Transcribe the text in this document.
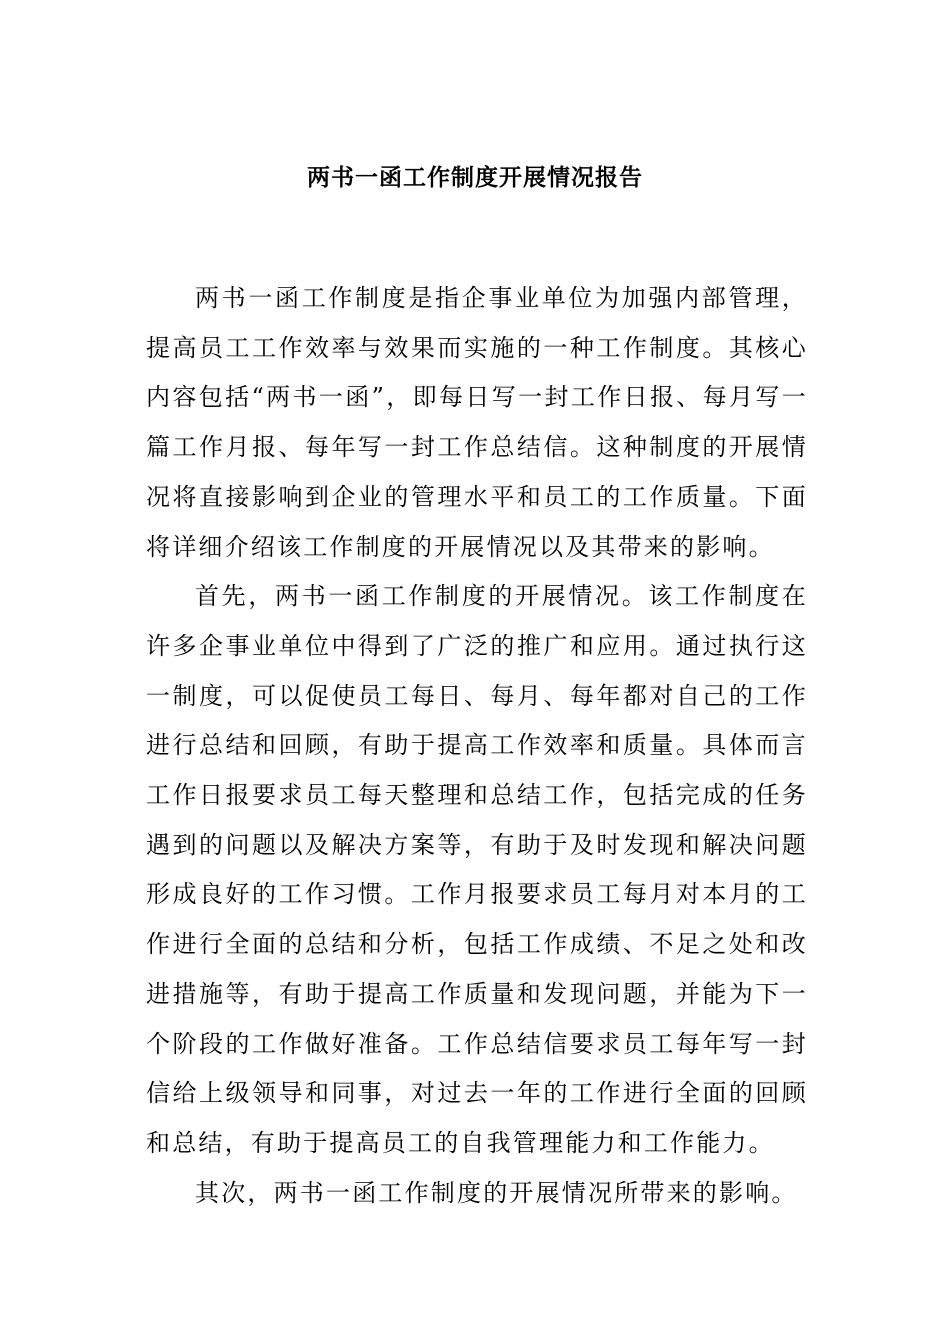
两书一函工作制度开展情况报告

两书一函工作制度是指企事业单位为加强内部管理，提高员工工作效率与效果而实施的一种工作制度。其核心内容包括“两书一函”，即每日写一封工作日报、每月写一篇工作月报、每年写一封工作总结信。这种制度的开展情况将直接影响到企业的管理水平和员工的工作质量。下面将详细介绍该工作制度的开展情况以及其带来的影响。

首先，两书一函工作制度的开展情况。该工作制度在许多企事业单位中得到了广泛的推广和应用。通过执行这一制度，可以促使员工每日、每月、每年都对自己的工作进行总结和回顾，有助于提高工作效率和质量。具体而言工作日报要求员工每天整理和总结工作，包括完成的任务遇到的问题以及解决方案等，有助于及时发现和解决问题形成良好的工作习惯。工作月报要求员工每月对本月的工作进行全面的总结和分析，包括工作成绩、不足之处和改进措施等，有助于提高工作质量和发现问题，并能为下一个阶段的工作做好准备。工作总结信要求员工每年写一封信给上级领导和同事，对过去一年的工作进行全面的回顾和总结，有助于提高员工的自我管理能力和工作能力。

其次，两书一函工作制度的开展情况所带来的影响。
